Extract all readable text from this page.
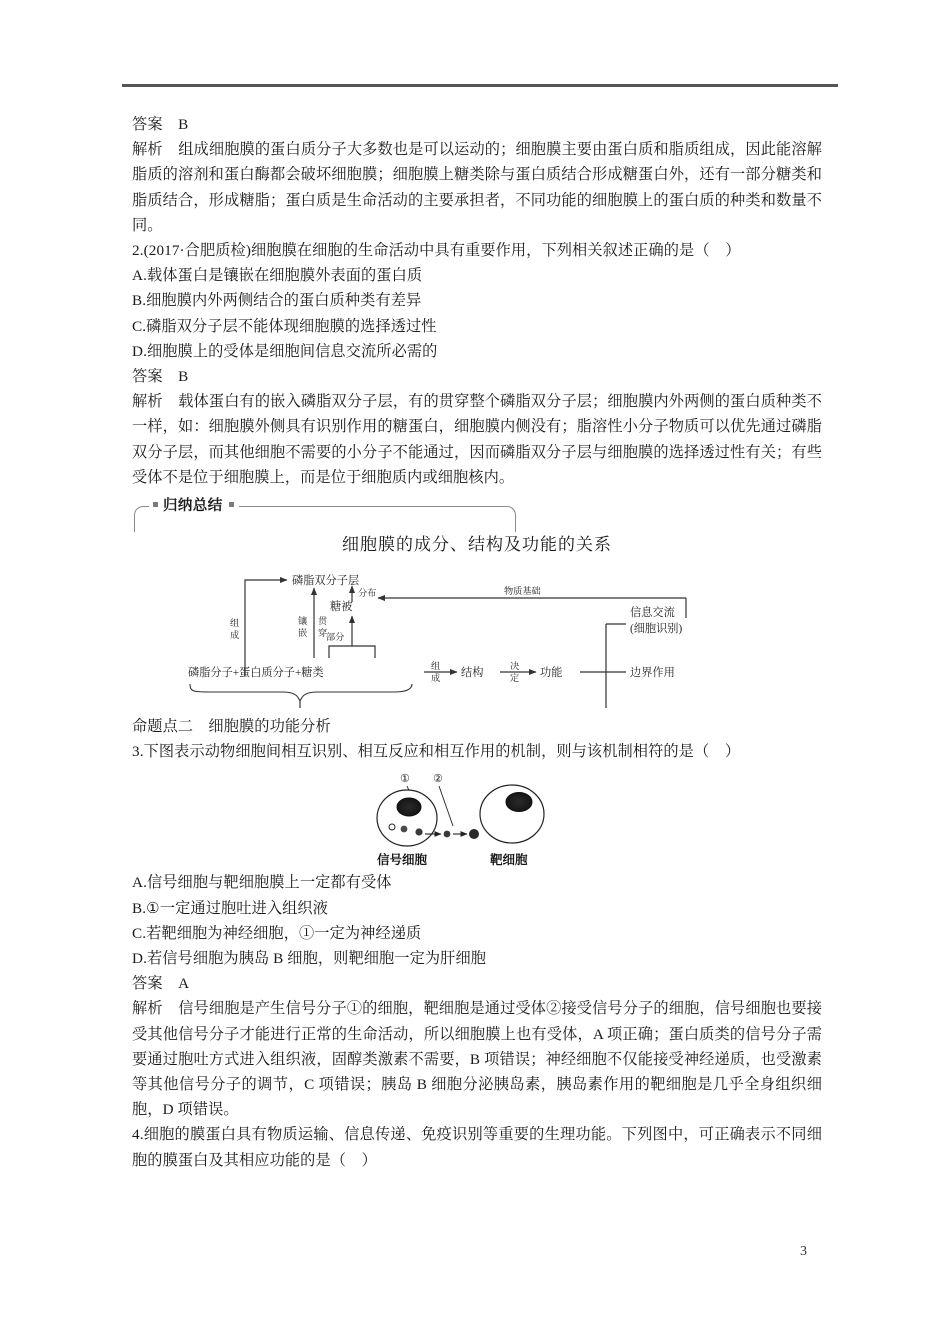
答案　 B
解析　 组成细胞膜的蛋白质分子大多数也是可以运动的；细胞膜主要由蛋白质和脂质组成，因此能溶解脂质的溶剂和蛋白酶都会破坏细胞膜；细胞膜上糖类除与蛋白质结合形成糖蛋白外，还有一部分糖类和脂质结合，形成糖脂；蛋白质是生命活动的主要承担者，不同功能的细胞膜上的蛋白质的种类和数量不同。
2.(2017·合肥质检)细胞膜在细胞的生命活动中具有重要作用，下列相关叙述正确的是（    ）
A.载体蛋白是镶嵌在细胞膜外表面的蛋白质
B.细胞膜内外两侧结合的蛋白质种类有差异
C.磷脂双分子层不能体现细胞膜的选择透过性
D.细胞膜上的受体是细胞间信息交流所必需的
答案　 B
解析　 载体蛋白有的嵌入磷脂双分子层，有的贯穿整个磷脂双分子层；细胞膜内外两侧的蛋白质种类不一样，如：细胞膜外侧具有识别作用的糖蛋白，细胞膜内侧没有；脂溶性小分子物质可以优先通过磷脂双分子层，而其他细胞不需要的小分子不能通过，因而磷脂双分子层与细胞膜的选择透过性有关；有些受体不是位于细胞膜上，而是位于细胞质内或细胞核内。
归纳总结
细胞膜的成分、结构及功能的关系
磷脂双分子层
糖被
磷脂分子+蛋白质分子+糖类	结构	功能
信息交流
(细胞识别)
边界作用
组
成
镶
嵌
贯
穿
部分
分布	物质基础
组
成
决
定
命题点二　细胞膜的功能分析
3.下图表示动物细胞间相互识别、相互反应和相互作用的机制，则与该机制相符的是（    ）
① ②
信号细胞	靶细胞
A.信号细胞与靶细胞膜上一定都有受体
B.①一定通过胞吐进入组织液
C.若靶细胞为神经细胞，①一定为神经递质
D.若信号细胞为胰岛 B 细胞，则靶细胞一定为肝细胞
答案　 A
解析　 信号细胞是产生信号分子①的细胞，靶细胞是通过受体②接受信号分子的细胞，信号细胞也要接受其他信号分子才能进行正常的生命活动，所以细胞膜上也有受体，A 项正确；蛋白质类的信号分子需要通过胞吐方式进入组织液，固醇类激素不需要，B 项错误；神经细胞不仅能接受神经递质，也受激素等其他信号分子的调节，C 项错误；胰岛 B 细胞分泌胰岛素，胰岛素作用的靶细胞是几乎全身组织细胞，D 项错误。
4.细胞的膜蛋白具有物质运输、信息传递、免疫识别等重要的生理功能。下列图中，可正确表示不同细胞的膜蛋白及其相应功能的是（    ）
3
